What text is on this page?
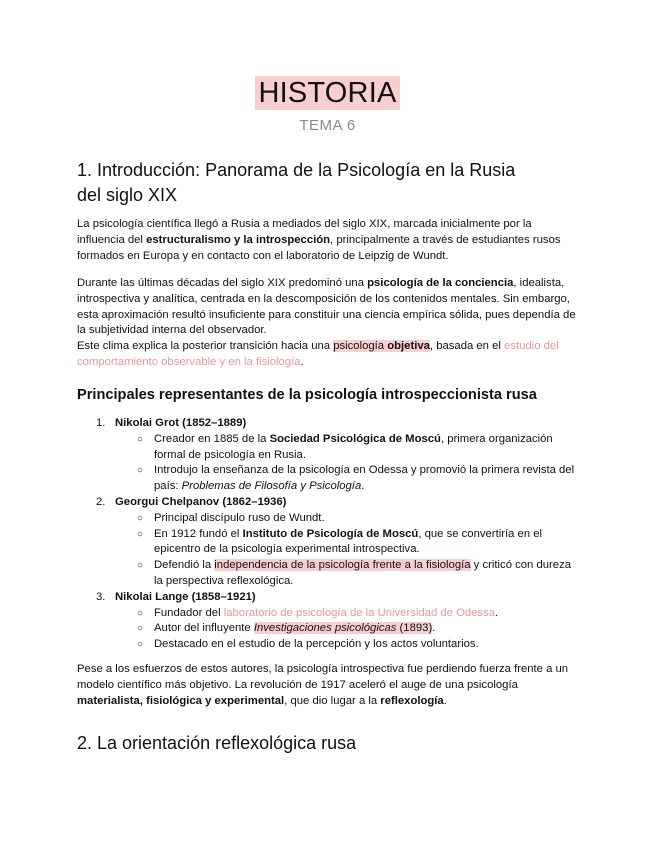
HISTORIA
TEMA 6
1. Introducción: Panorama de la Psicología en la Rusia
del siglo XIX

La psicología científica llegó a Rusia a mediados del siglo XIX, marcada inicialmente por la influencia del estructuralismo y la introspección, principalmente a través de estudiantes rusos formados en Europa y en contacto con el laboratorio de Leipzig de Wundt.

Durante las últimas décadas del siglo XIX predominó una psicología de la conciencia, idealista, introspectiva y analítica, centrada en la descomposición de los contenidos mentales. Sin embargo, esta aproximación resultó insuficiente para constituir una ciencia empírica sólida, pues dependía de la subjetividad interna del observador.

Este clima explica la posterior transición hacia una psicología objetiva, basada en el estudio del comportamiento observable y en la fisiología.

Principales representantes de la psicología introspeccionista rusa
1. Nikolai Grot (1852–1889)
○ Creador en 1885 de la Sociedad Psicológica de Moscú, primera organización formal de psicología en Rusia.
○ Introdujo la enseñanza de la psicología en Odessa y promovió la primera revista del país: Problemas de Filosofía y Psicología.
2. Georgui Chelpanov (1862–1936)
○ Principal discípulo ruso de Wundt.
○ En 1912 fundó el Instituto de Psicología de Moscú, que se convertiría en el epicentro de la psicología experimental introspectiva.
○ Defendió la independencia de la psicología frente a la fisiología y criticó con dureza la perspectiva reflexológica.
3. Nikolai Lange (1858–1921)
○ Fundador del laboratorio de psicología de la Universidad de Odessa.
○ Autor del influyente Investigaciones psicológicas (1893).
○ Destacado en el estudio de la percepción y los actos voluntarios.

Pese a los esfuerzos de estos autores, la psicología introspectiva fue perdiendo fuerza frente a un modelo científico más objetivo. La revolución de 1917 aceleró el auge de una psicología materialista, fisiológica y experimental, que dio lugar a la reflexología.

2. La orientación reflexológica rusa
